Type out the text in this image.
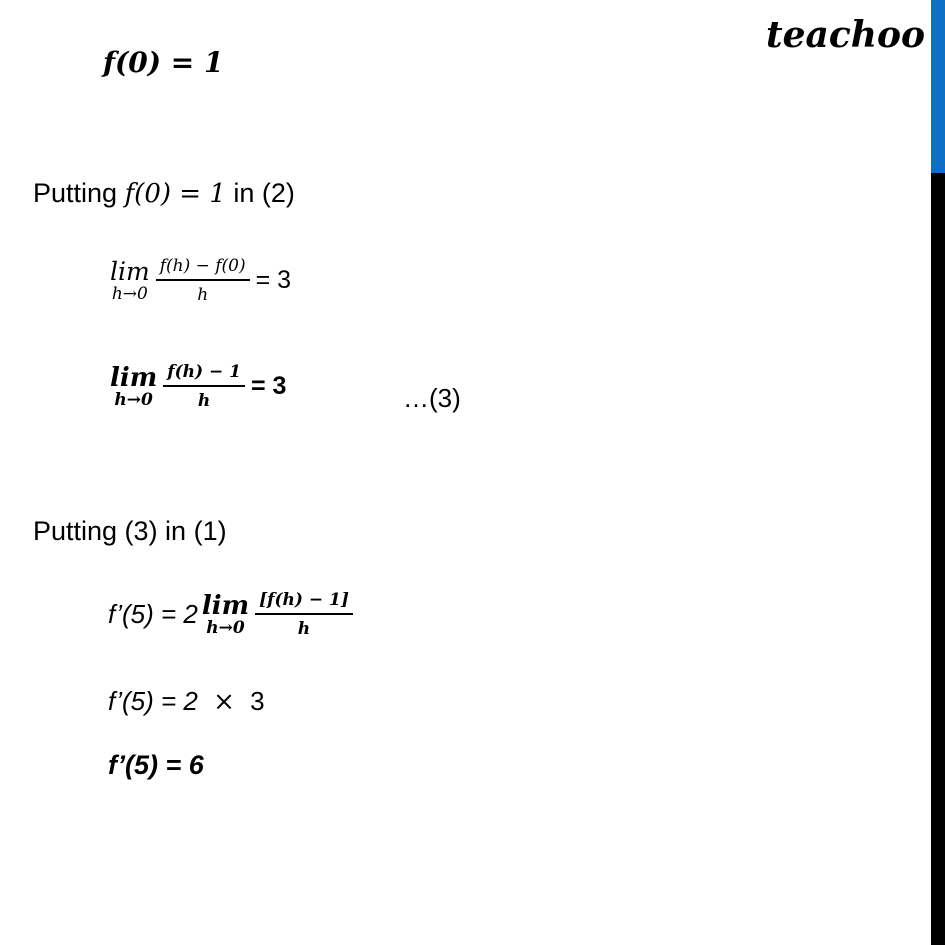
teachoo
f(0) = 1
Putting f(0) = 1 in (2)
lim
$h\to 0 \frac{f(h) - f(0)}{h} = 3$
lim
$h\to 0 \frac{f(h) - 1}{h} = 3$	…(3)
Putting (3) in (1)
f’(5) = 2 lim
$h\to 0 \frac{[f(h) - 1]}{h}$
f’(5) = 2 × 3
f’(5) = 6
